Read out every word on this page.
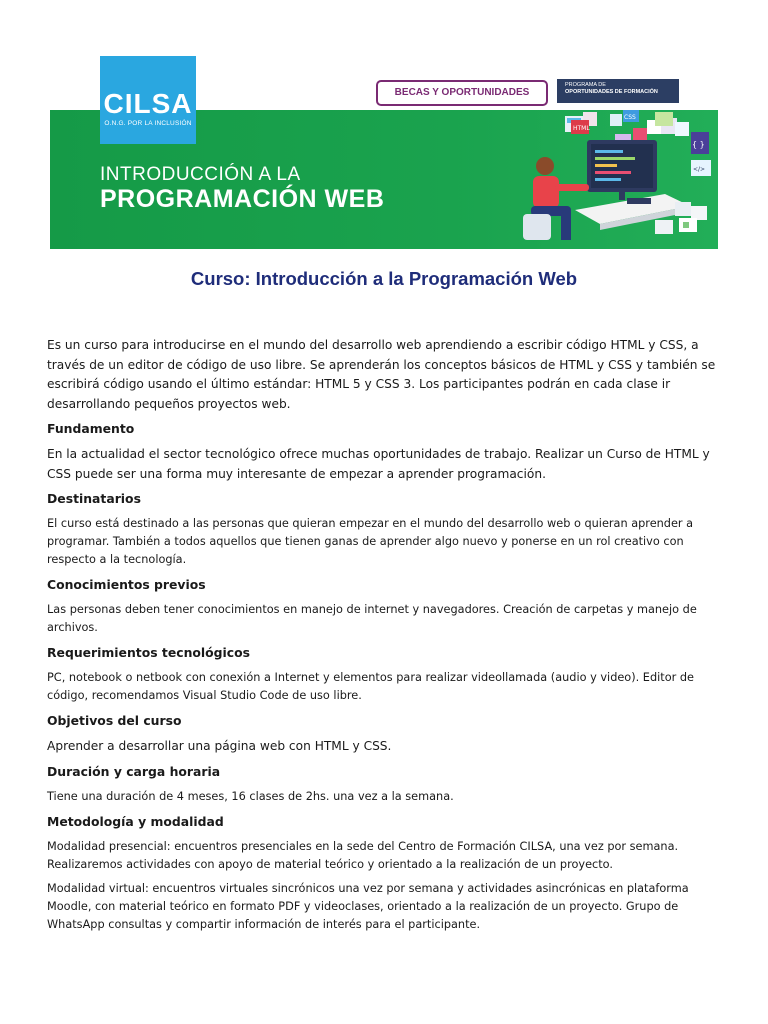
CILSA
O.N.G. POR LA INCLUSIÓN
BECAS Y OPORTUNIDADES
PROGRAMA DE
OPORTUNIDADES DE FORMACIÓN
INTRODUCCIÓN A LA
PROGRAMACIÓN WEB
HTML
CSS
{ }
</>
Curso: Introducción a la Programación Web

Es un curso para introducirse en el mundo del desarrollo web aprendiendo a escribir código HTML y CSS, a través de un editor de código de uso libre. Se aprenderán los conceptos básicos de HTML y CSS y también se escribirá código usando el último estándar: HTML 5 y CSS 3. Los participantes podrán en cada clase ir desarrollando pequeños proyectos web.

Fundamento

En la actualidad el sector tecnológico ofrece muchas oportunidades de trabajo. Realizar un Curso de HTML y CSS puede ser una forma muy interesante de empezar a aprender programación.

Destinatarios

El curso está destinado a las personas que quieran empezar en el mundo del desarrollo web o quieran aprender a programar. También a todos aquellos que tienen ganas de aprender algo nuevo y ponerse en un rol creativo con respecto a la tecnología.

Conocimientos previos

Las personas deben tener conocimientos en manejo de internet y navegadores. Creación de carpetas y manejo de archivos.

Requerimientos tecnológicos

PC, notebook o netbook con conexión a Internet y elementos para realizar videollamada (audio y video). Editor de código, recomendamos Visual Studio Code de uso libre.

Objetivos del curso

Aprender a desarrollar una página web con HTML y CSS.

Duración y carga horaria

Tiene una duración de 4 meses, 16 clases de 2hs. una vez a la semana.

Metodología y modalidad

Modalidad presencial: encuentros presenciales en la sede del Centro de Formación CILSA, una vez por semana. Realizaremos actividades con apoyo de material teórico y orientado a la realización de un proyecto.

Modalidad virtual: encuentros virtuales sincrónicos una vez por semana y actividades asincrónicas en plataforma Moodle, con material teórico en formato PDF y videoclases, orientado a la realización de un proyecto. Grupo de WhatsApp consultas y compartir información de interés para el participante.
